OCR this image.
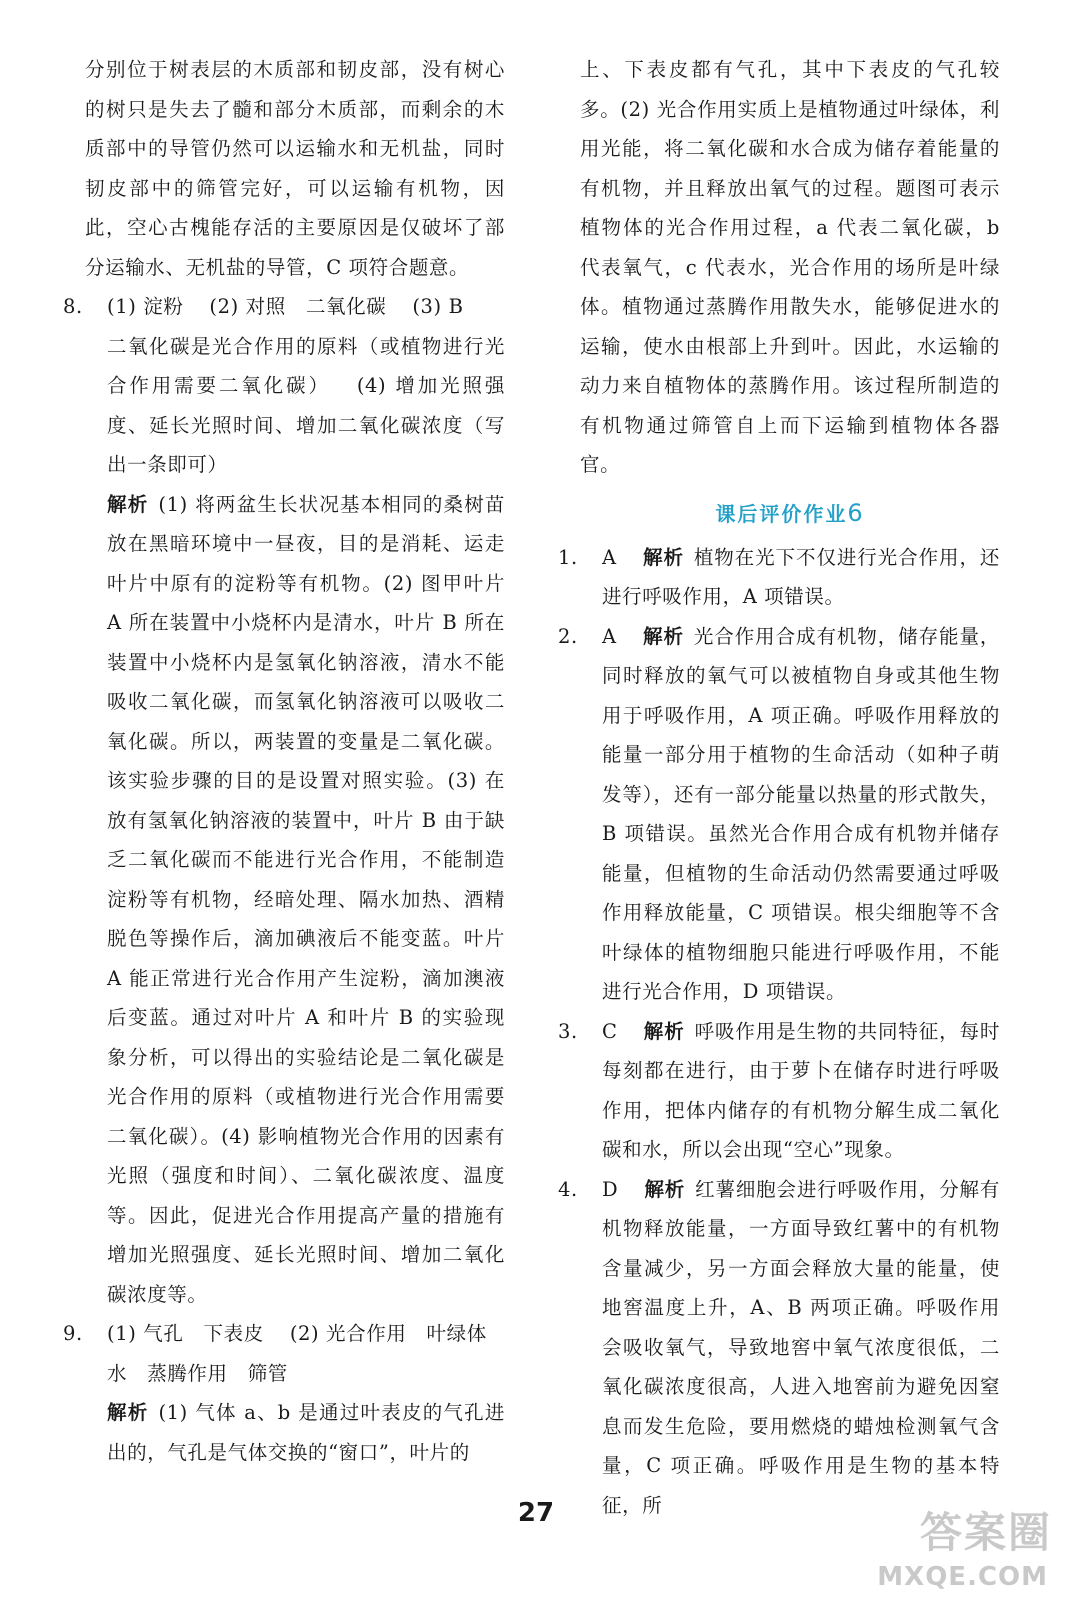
分别位于树表层的木质部和韧皮部，没有树心的树只是失去了髓和部分木质部，而剩余的木质部中的导管仍然可以运输水和无机盐，同时韧皮部中的筛管完好，可以运输有机物，因此，空心古槐能存活的主要原因是仅破坏了部分运输水、无机盐的导管，C 项符合题意。

8. (1) 淀粉 (2) 对照　二氧化碳 (3) B

二氧化碳是光合作用的原料（或植物进行光合作用需要二氧化碳） (4) 增加光照强度、延长光照时间、增加二氧化碳浓度（写出一条即可）

解析 (1) 将两盆生长状况基本相同的桑树苗放在黑暗环境中一昼夜，目的是消耗、运走叶片中原有的淀粉等有机物。(2) 图甲叶片 A 所在装置中小烧杯内是清水，叶片 B 所在装置中小烧杯内是氢氧化钠溶液，清水不能吸收二氧化碳，而氢氧化钠溶液可以吸收二氧化碳。所以，两装置的变量是二氧化碳。该实验步骤的目的是设置对照实验。(3) 在放有氢氧化钠溶液的装置中，叶片 B 由于缺乏二氧化碳而不能进行光合作用，不能制造淀粉等有机物，经暗处理、隔水加热、酒精脱色等操作后，滴加碘液后不能变蓝。叶片 A 能正常进行光合作用产生淀粉，滴加澳液后变蓝。通过对叶片 A 和叶片 B 的实验现象分析，可以得出的实验结论是二氧化碳是光合作用的原料（或植物进行光合作用需要二氧化碳）。(4) 影响植物光合作用的因素有光照（强度和时间）、二氧化碳浓度、温度等。因此，促进光合作用提高产量的措施有增加光照强度、延长光照时间、增加二氧化碳浓度等。

9. (1) 气孔　下表皮 (2) 光合作用　叶绿体

水　蒸腾作用　筛管

解析 (1) 气体 a、b 是通过叶表皮的气孔进出的，气孔是气体交换的“窗口”，叶片的

上、下表皮都有气孔，其中下表皮的气孔较多。(2) 光合作用实质上是植物通过叶绿体，利用光能，将二氧化碳和水合成为储存着能量的有机物，并且释放出氧气的过程。题图可表示植物体的光合作用过程，a 代表二氧化碳，b 代表氧气，c 代表水，光合作用的场所是叶绿体。植物通过蒸腾作用散失水，能够促进水的运输，使水由根部上升到叶。因此，水运输的动力来自植物体的蒸腾作用。该过程所制造的有机物通过筛管自上而下运输到植物体各器官。

课后评价作业6

1. A 解析 植物在光下不仅进行光合作用，还进行呼吸作用，A 项错误。

2. A 解析 光合作用合成有机物，储存能量，同时释放的氧气可以被植物自身或其他生物用于呼吸作用，A 项正确。呼吸作用释放的能量一部分用于植物的生命活动（如种子萌发等），还有一部分能量以热量的形式散失，B 项错误。虽然光合作用合成有机物并储存能量，但植物的生命活动仍然需要通过呼吸作用释放能量，C 项错误。根尖细胞等不含叶绿体的植物细胞只能进行呼吸作用，不能进行光合作用，D 项错误。

3. C 解析 呼吸作用是生物的共同特征，每时每刻都在进行，由于萝卜在储存时进行呼吸作用，把体内储存的有机物分解生成二氧化碳和水，所以会出现“空心”现象。

4. D 解析 红薯细胞会进行呼吸作用，分解有机物释放能量，一方面导致红薯中的有机物含量减少，另一方面会释放大量的能量，使地窖温度上升，A、B 两项正确。呼吸作用会吸收氧气，导致地窖中氧气浓度很低，二氧化碳浓度很高，人进入地窖前为避免因窒息而发生危险，要用燃烧的蜡烛检测氧气含量，C 项正确。呼吸作用是生物的基本特征，所

27	答案圈
MXQE.COM
